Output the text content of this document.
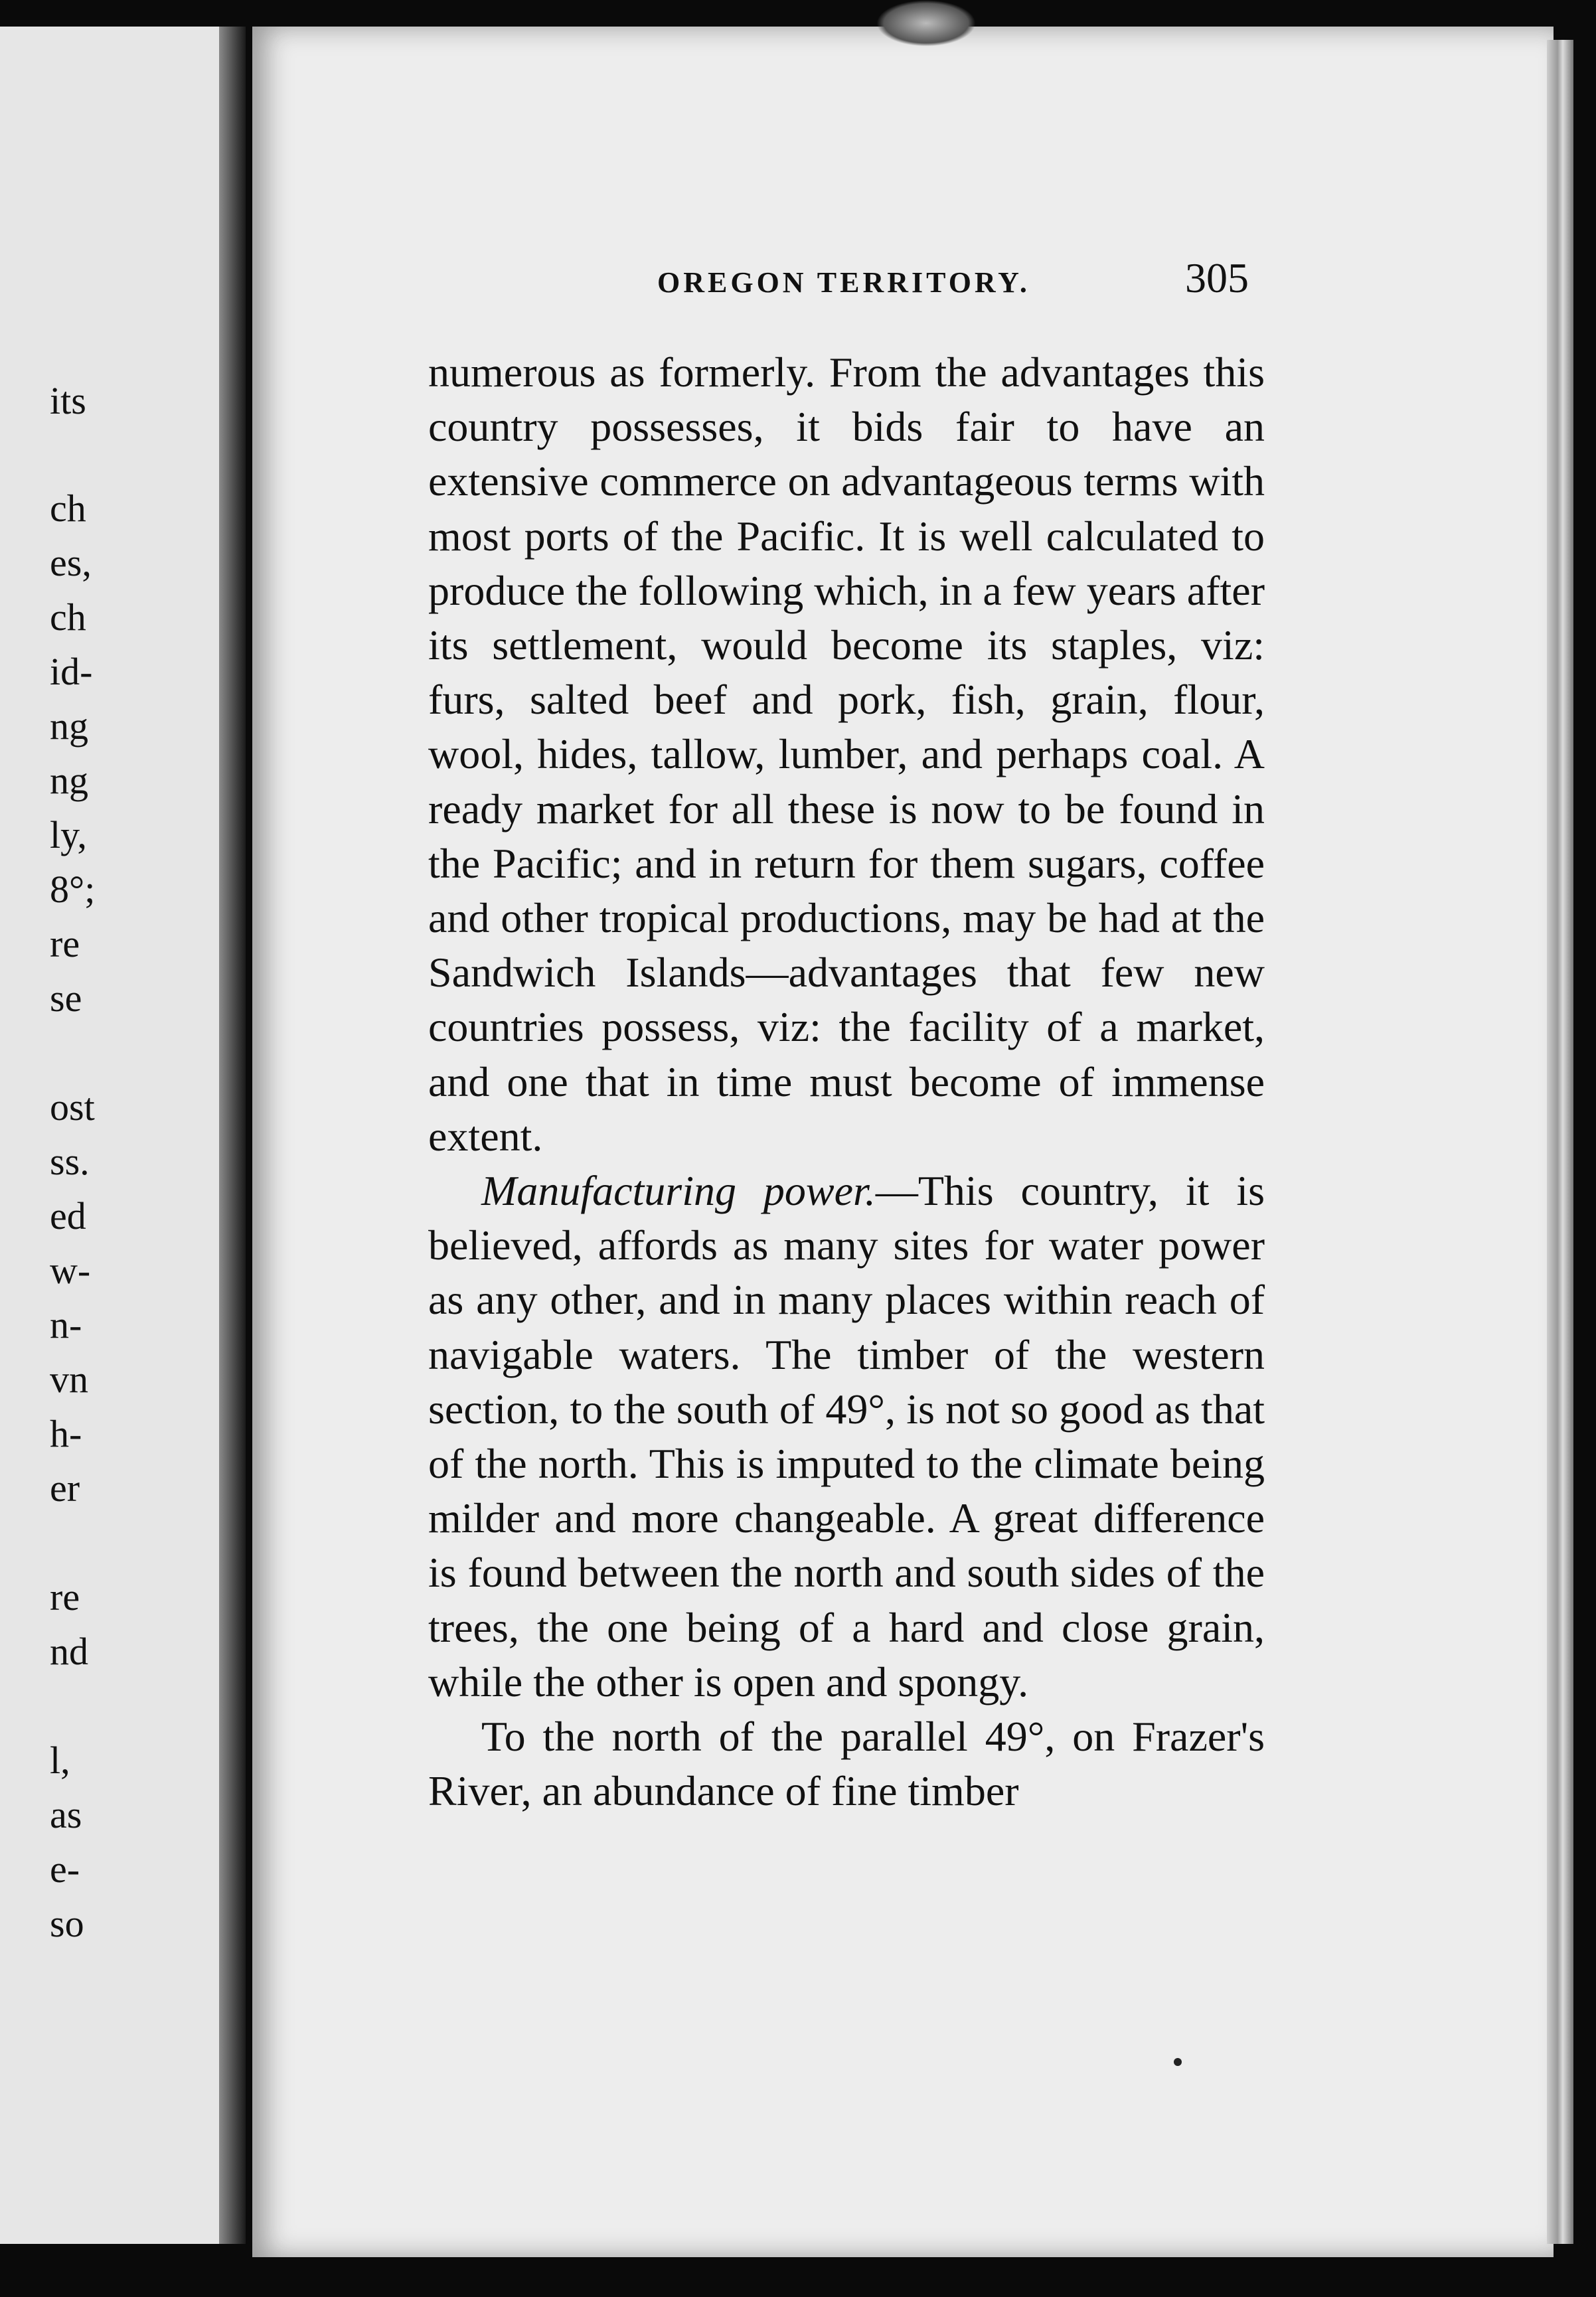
its
ch
es,
ch
id-
ng
ng
ly,
8°;
re
se
ost
ss.
ed
w-
n-
vn
h-
er
re
nd
l,
as
e-
so
OREGON TERRITORY.	305

numerous as formerly. From the advantages this country possesses, it bids fair to have an extensive commerce on advantageous terms with most ports of the Pacific. It is well calculated to produce the following which, in a few years after its settlement, would become its staples, viz: furs, salted beef and pork, fish, grain, flour, wool, hides, tallow, lumber, and perhaps coal. A ready market for all these is now to be found in the Pacific; and in return for them sugars, coffee and other tropical productions, may be had at the Sandwich Islands—advantages that few new countries possess, viz: the facility of a market, and one that in time must become of immense extent.

Manufacturing power.—This country, it is believed, affords as many sites for water power as any other, and in many places within reach of navigable waters. The timber of the western section, to the south of 49°, is not so good as that of the north. This is imputed to the climate being milder and more changeable. A great difference is found between the north and south sides of the trees, the one being of a hard and close grain, while the other is open and spongy.

To the north of the parallel 49°, on Frazer's River, an abundance of fine timber
